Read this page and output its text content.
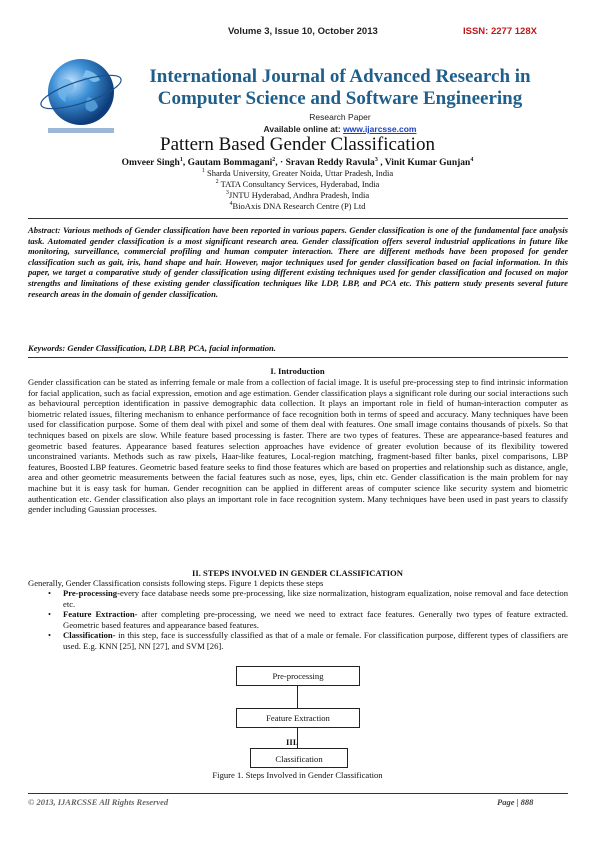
Volume 3, Issue 10, October 2013	ISSN: 2277 128X
International Journal of Advanced Research in
Computer Science and Software Engineering
Research Paper
Available online at: www.ijarcsse.com
Pattern Based Gender Classification
Omveer Singh$^1$, Gautam Bommagani$^2$, · Sravan Reddy Ravula$^3$ , Vinit Kumar Gunjan$^4$
$^1$ Sharda University, Greater Noida, Uttar Pradesh, India
$^2$ TATA Consultancy Services, Hyderabad, India
$^3$JNTU Hyderabad, Andhra Pradesh, India
$^4$BioAxis DNA Research Centre (P) Ltd
Abstract: Various methods of Gender classification have been reported in various papers. Gender classification is one of the fundamental face analysis task. Automated gender classification is a most significant research area. Gender classification offers several industrial applications in future like monitoring, surveillance, commercial profiling and human computer interaction. There are different methods have been proposed for gender classification such as gait, iris, hand shape and hair. However, major techniques used for gender classification based on facial information. In this paper, we target a comparative study of gender classification using different existing techniques used for gender classification and focused on major strengths and limitations of these existing gender classification techniques like LDP, LBP, and PCA etc. This pattern study presents several future research areas in the domain of gender classification.
Keywords: Gender Classification, LDP, LBP, PCA, facial information.
I. Introduction
Gender classification can be stated as inferring female or male from a collection of facial image. It is useful pre-processing step to find intrinsic information for facial application, such as facial expression, emotion and age estimation. Gender classification plays a significant role during our social interactions such as behavioural perception identification in passive demographic data collection. It plays an important role in field of human-interaction computer as biometric related issues, filtering mechanism to enhance performance of face recognition both in terms of speed and accuracy. Many techniques have been used for classification purpose. Some of them deal with pixel and some of them deal with features. One small image contains thousands of pixels. So that techniques based on pixels are slow. While feature based processing is faster. There are two types of features. These are appearance-based features and geometric based features. Appearance based features selection approaches have evidence of greater evolution because of its flexibility towered unconstrained variants. Methods such as raw pixels, Haar-like features, Local-region matching, fragment-based filter banks, pixel comparisons, LBP features, Boosted LBP features. Geometric based feature seeks to find those features which are based on properties and relationship such as distance, angle, area and other geometric measurements between the facial features such as nose, eyes, lips, chin etc. Gender classification is the main problem for nay machine but it is easy task for human. Gender recognition can be applied in different areas of computer science like security system and biometric authentication etc. Gender classification also plays an important role in face recognition system. Many techniques have been used in past years to classify gender including Gaussian processes.
II. STEPS INVOLVED IN GENDER CLASSIFICATION
Generally, Gender Classification consists following steps. Figure 1 depicts these steps
• Pre-processing-every face database needs some pre-processing, like size normalization, histogram equalization, noise removal and face detection etc.
• Feature Extraction- after completing pre-processing, we need we need to extract face features. Generally two types of feature extracted. Geometric based features and appearance based features.
• Classification- in this step, face is successfully classified as that of a male or female. For classification purpose, different types of classifiers are used. E.g. KNN [25], NN [27], and SVM [26].
Pre-processing
Feature Extraction
Classification
III.
Figure 1. Steps Involved in Gender Classification
© 2013, IJARCSSE All Rights Reserved	Page | 888
